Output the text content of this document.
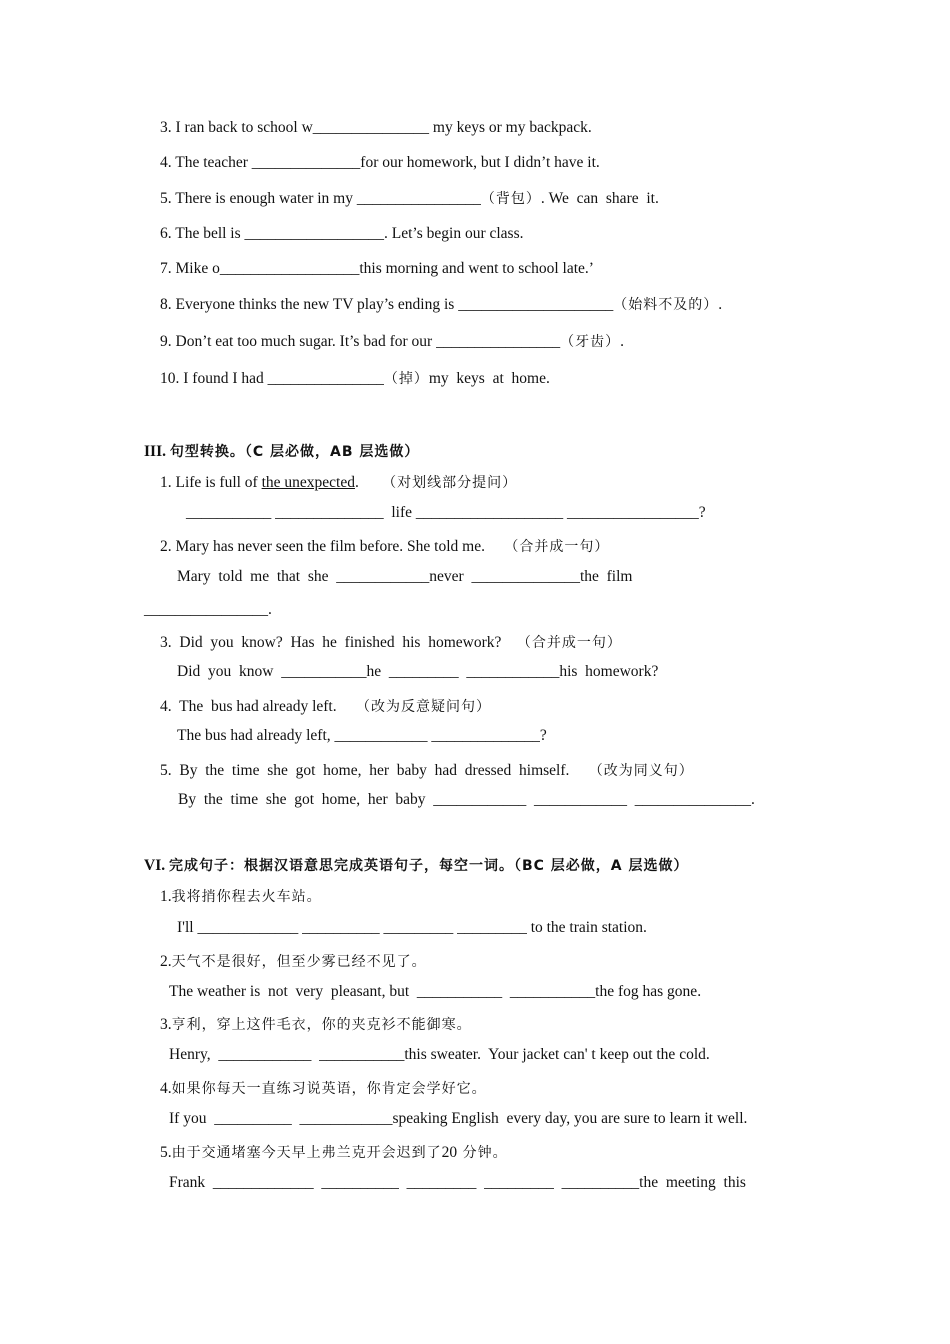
3. I ran back to school w_______________ my keys or my backpack.
4. The teacher ______________for our homework, but I didn’t have it.
5. There is enough water in my ________________（背包）. We  can  share  it.
6. The bell is __________________. Let’s begin our class.
7. Mike o__________________this morning and went to school late.’
8. Everyone thinks the new TV play’s ending is ____________________（始料不及的）.
9. Don’t eat too much sugar. It’s bad for our ________________（牙齿）.
10. I found I had _______________（掉）my  keys  at  home.
III. 句型转换。（C 层必做，AB 层选做）
1. Life is full of the unexpected. （对划线部分提问）
___________ ______________  life ___________________ _________________?
2. Mary has never seen the film before. She told me. （合并成一句）
Mary  told  me  that  she  ____________never  ______________the  film
________________.
3.  Did  you  know?  Has  he  finished  his  homework? （合并成一句）
Did  you  know  ___________he  _________  ____________his  homework?
4.  The  bus had already left. （改为反意疑问句）
The bus had already left, ____________ ______________?
5.  By  the  time  she  got  home,  her  baby  had  dressed  himself. （改为同义句）
By  the  time  she  got  home,  her  baby  ____________  ____________  _______________.
VI. 完成句子：根据汉语意思完成英语句子，每空一词。（BC 层必做，A 层选做）
1.我将捎你程去火车站。
I'll _____________ __________ _________ _________ to the train station.
2.天气不是很好，但至少雾已经不见了。
The weather is  not  very  pleasant, but  ___________  ___________the fog has gone.
3.亨利，穿上这件毛衣，你的夹克衫不能御寒。
Henry,  ____________  ___________this sweater.  Your jacket can' t keep out the cold.
4.如果你每天一直练习说英语，你肯定会学好它。
If you  __________  ____________speaking English  every day, you are sure to learn it well.
5.由于交通堵塞今天早上弗兰克开会迟到了20 分钟。
Frank  _____________  __________  _________  _________  __________the  meeting  this
